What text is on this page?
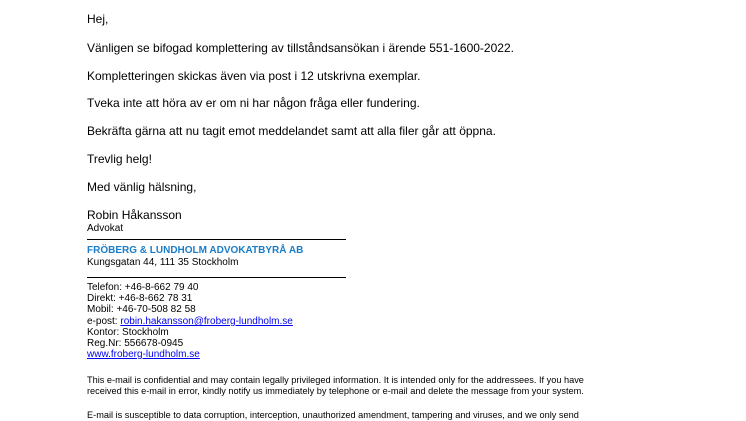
Hej,
Vänligen se bifogad komplettering av tillståndsansökan i ärende 551-1600-2022.
Kompletteringen skickas även via post i 12 utskrivna exemplar.
Tveka inte att höra av er om ni har någon fråga eller fundering.
Bekräfta gärna att nu tagit emot meddelandet samt att alla filer går att öppna.
Trevlig helg!
Med vänlig hälsning,
Robin Håkansson
Advokat
FRÖBERG & LUNDHOLM ADVOKATBYRÅ AB
Kungsgatan 44, 111 35 Stockholm
Telefon: +46-8-662 79 40
Direkt: +46-8-662 78 31
Mobil: +46-70-508 82 58
e-post: robin.hakansson@froberg-lundholm.se
Kontor: Stockholm
Reg.Nr: 556678-0945
www.froberg-lundholm.se
This e-mail is confidential and may contain legally privileged information. It is intended only for the addressees. If you have
received this e-mail in error, kindly notify us immediately by telephone or e-mail and delete the message from your system.
E-mail is susceptible to data corruption, interception, unauthorized amendment, tampering and viruses, and we only send
